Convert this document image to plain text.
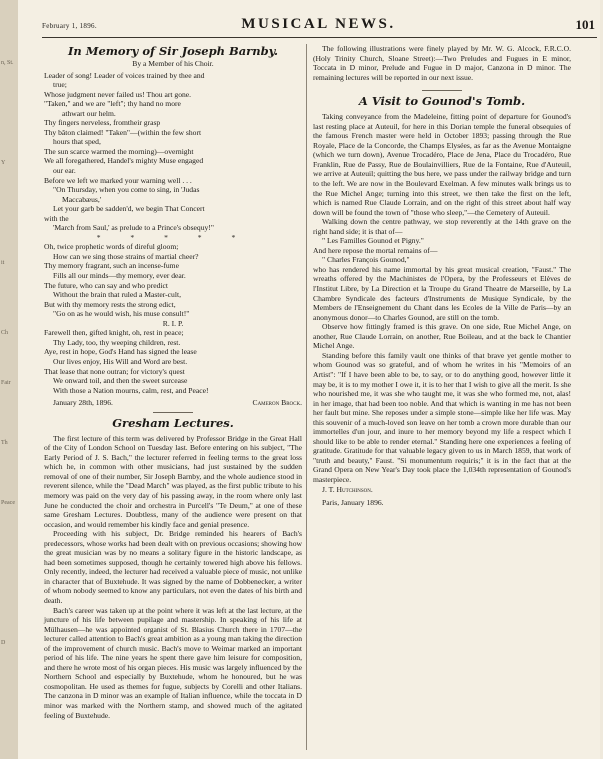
n, St.
Y
it
Ch
Fair
Th
Peace
D
February 1, 1896.	MUSICAL NEWS.	101
In Memory of Sir Joseph Barnby.
By a Member of his Choir.

Leader of song! Leader of voices trained by thee and

true;

Whose judgment never failed us! Thou art gone.

"Taken," and we are "left"; thy hand no more

athwart our helm.

Thy fingers nerveless, fromtheir grasp

Thy bâton claimed! "Taken"—(within the few short

hours that sped,

The sun scarce warmed the morning)—overnight

We all foregathered, Handel's mighty Muse engaged

our ear.

Before we left we marked your warning well . . .

"On Thursday, when you come to sing, in 'Judas

Maccabæus,'

Let your garb be sadden'd, we begin That Concert

with the

'March from Saul,' as prelude to a Prince's obsequy!"

* * * * *

Oh, twice prophetic words of direful gloom;

How can we sing those strains of martial cheer?

Thy memory fragrant, such an incense-fume

Fills all our minds—thy memory, ever dear.

The future, who can say and who predict

Without the brain that ruled a Master-cult,

But with thy memory rests the strong edict,

"Go on as he would wish, his muse consult!"

R. I. P.

Farewell then, gifted knight, oh, rest in peace;

Thy Lady, too, thy weeping children, rest.

Aye, rest in hope, God's Hand has signed the lease

Our lives enjoy, His Will and Word are best.

That lease that none outran; for victory's quest

We onward toil, and then the sweet surcease

With those a Nation mourns, calm, rest, and Peace!

January 28th, 1896.	Cameron Brock.
Gresham Lectures.

The first lecture of this term was delivered by Professor Bridge in the Great Hall of the City of London School on Tuesday last. Before entering on his subject, "The Early Period of J. S. Bach," the lecturer referred in feeling terms to the great loss which he, in common with other musicians, had just sustained by the sudden removal of one of their number, Sir Joseph Barnby, and the whole audience stood in reverent silence, while the "Dead March" was played, as the first public tribute to his memory was paid on the very day of his passing away, in the room where only last June he conducted the choir and orchestra in Purcell's "Te Deum," at one of these same Gresham Lectures. Doubtless, many of the audience were present on that occasion, and would remember his kindly face and genial presence.

Proceeding with his subject, Dr. Bridge reminded his hearers of Bach's predecessors, whose works had been dealt with on previous occasions; showing how the great musician was by no means a solitary figure in the historic landscape, as had been sometimes supposed, though he certainly towered high above his fellows. Only recently, indeed, the lecturer had received a valuable piece of music, not unlike in character that of Buxtehude. It was signed by the name of Dobbenecker, a writer of whom nobody seemed to know any particulars, not even the dates of his birth and death.

Bach's career was taken up at the point where it was left at the last lecture, at the juncture of his life between pupilage and mastership. In speaking of his life at Mülhausen—he was appointed organist of St. Blasius Church there in 1707—the lecturer called attention to Bach's great ambition as a young man taking the direction of the improvement of church music. Bach's move to Weimar marked an important period of his life. The nine years he spent there gave him leisure for composition, and there he wrote most of his organ pieces. His music was largely influenced by the Northern School and especially by Buxtehude, whom he honoured, but he was cosmopolitan. He used as themes for fugue, subjects by Corelli and other Italians. The canzona in D minor was an example of Italian influence, while the toccata in D minor was marked with the Northern stamp, and showed much of the agitated feeling of Buxtehude.

The following illustrations were finely played by Mr. W. G. Alcock, F.R.C.O. (Holy Trinity Church, Sloane Street):—Two Preludes and Fugues in E minor, Toccata in D minor, Prelude and Fugue in D major, Canzona in D minor. The remaining lectures will be reported in our next issue.

A Visit to Gounod's Tomb.

Taking conveyance from the Madeleine, fitting point of departure for Gounod's last resting place at Auteuil, for here in this Dorian temple the funeral obsequies of the famous French master were held in October 1893; passing through the Rue Royale, Place de la Concorde, the Champs Elysées, as far as the Avenue Montaigne (which we turn down), Avenue Trocadéro, Place de Jena, Place du Trocadéro, Rue Franklin, Rue de Passy, Rue de Boulainvilliers, Rue de la Fontaine, Rue d'Auteuil, we arrive at Auteuil; quitting the bus here, we pass under the railway bridge and turn to the left. We are now in the Boulevard Exelman. A few minutes walk brings us to the Rue Michel Ange; turning into this street, we then take the first on the left, which is named Rue Claude Lorrain, and on the right of this street about half way down will be found the town of "those who sleep,"—the Cemetery of Auteuil.

Walking down the centre pathway, we stop reverently at the 14th grave on the right hand side; it is that of—

" Les Familles Gounod et Pigny."

And here repose the mortal remains of—

" Charles François Gounod,"

who has rendered his name immortal by his great musical creation, "Faust." The wreaths offered by the Machinistes de l'Opera, by the Professeurs et Elèves de l'Institut Libre, by La Direction et la Troupe du Grand Theatre de Marseille, by La Chambre Syndicale des facteurs d'Instruments de Musique Syndicale, by the Members de l'Enseignement du Chant dans les Ecoles de la Ville de Paris—by an anonymous donor—to Charles Gounod, are still on the tomb.

Observe how fittingly framed is this grave. On one side, Rue Michel Ange, on another, Rue Claude Lorrain, on another, Rue Boileau, and at the back le Chantier Michel Ange.

Standing before this family vault one thinks of that brave yet gentle mother to whom Gounod was so grateful, and of whom he writes in his "Memoirs of an Artist": "If I have been able to be, to say, or to do anything good, however little it may be, it is to my mother I owe it, it is to her that I wish to give all the merit. Is she who nourished me, it was she who taught me, it was she who formed me, not, alas! in her image, that had been too noble. And that which is wanting in me has not been her fault but mine. She reposes under a simple stone—simple like her life was. May this souvenir of a much-loved son leave on her tomb a crown more durable than our immortelles d'un jour, and inure to her memory beyond my life a respect which I should like to be able to render eternal." Standing here one experiences a feeling of gratitude. Gratitude for that valuable legacy given to us in March 1859, that work of "truth and beauty," Faust. "Si monumentum requiris;" it is in the fact that at the Grand Opera on New Year's Day took place the 1,034th representation of Gounod's masterpiece.

J. T. Hutchinson.

Paris, January 1896.
